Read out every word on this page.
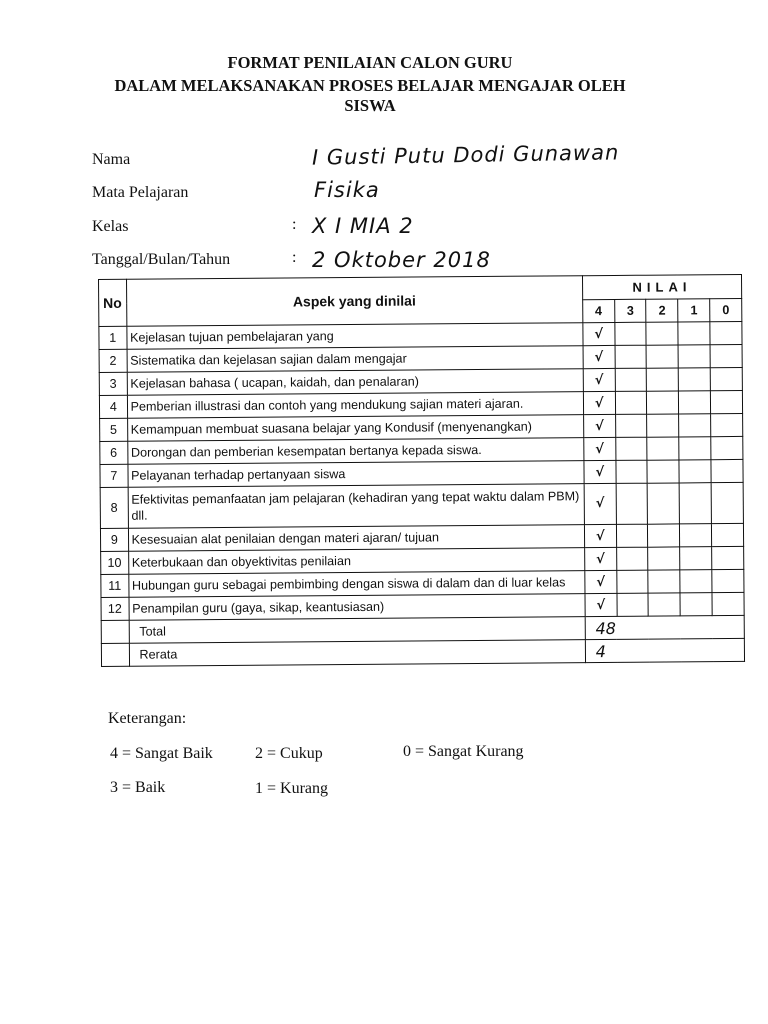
FORMAT PENILAIAN CALON GURU
DALAM MELAKSANAKAN PROSES BELAJAR MENGAJAR OLEH
SISWA
Nama	I Gusti Putu Dodi Gunawan
Mata Pelajaran	Fisika
Kelas	: X I MIA 2
Tanggal/Bulan/Tahun	: 2 Oktober 2018
No	Aspek yang dinilai	NILAI				
		4	3	2	1	0
1	Kejelasan tujuan pembelajaran yang	√				
2	Sistematika dan kejelasan sajian dalam mengajar	√				
3	Kejelasan bahasa ( ucapan, kaidah, dan penalaran)	√				
4	Pemberian illustrasi dan contoh yang mendukung sajian materi ajaran.	√				
5	Kemampuan membuat suasana belajar yang Kondusif (menyenangkan)	√				
6	Dorongan dan pemberian kesempatan bertanya kepada siswa.	√				
7	Pelayanan terhadap pertanyaan siswa	√				
8	Efektivitas pemanfaatan jam pelajaran (kehadiran yang tepat waktu dalam PBM) dll.	√				
9	Kesesuaian alat penilaian dengan materi ajaran/ tujuan	√				
10	Keterbukaan dan obyektivitas penilaian	√				
11	Hubungan guru sebagai pembimbing dengan siswa di dalam dan di luar kelas	√				
12	Penampilan guru (gaya, sikap, keantusiasan)	√				
	Total	48				
	Rerata	4				
Keterangan:
4 = Sangat Baik	2 = Cukup	0 = Sangat Kurang
3 = Baik	1 = Kurang
